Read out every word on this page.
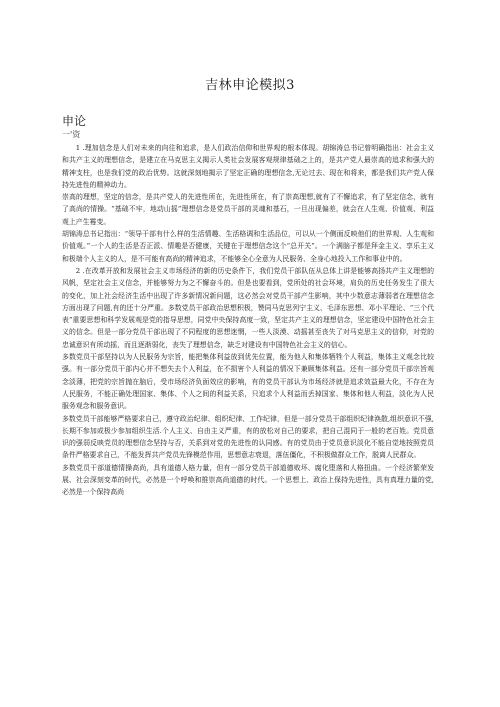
吉林申论模拟3
申论
一'资

1 .理加信念是人们对未来的向往和追求，是人们政治信仰和世界观的根本体现。胡锦涛总书记曾明确指出：社会主义和共产主义的理想信念，是建立在马克思主义揭示人类社会发展客观规律基础之上的，是共产党人最崇高的追求和强大的精神支柱，也是我们党的政治优势。这就深刻地揭示了坚定正确的理想信念,无论过去、现在和将来，都是我们共产党人保持先进性的精神动力。

崇高的理想，坚定的信念，是共产党人的先进性所在，先进性所在，有了崇高理想,就有了不懈追求，有了坚定信念，就有了高尚的情操。“基础不牢，地动山摇”理想信念是党员干部的灵魂和基石，一旦出现偏差，就会在人生观、价值观、利益观上产生霉变。

胡锦涛总书记指出：“领导干部有什么样的生活情趣、生活格调和生活品位，可以从一个侧面反映他们的世界观、人生观和价值观。”一个人的生活是否正派、情趣是否健康，关键在于理想信念这个“总开关”。一个满脑子都是拜金主义、享乐主义和极端个人主义的人，是不可能有高尚的精神追求，不能够全心全意为人民服务、全身心地投入工作和事业中的。

2 .在改革开放和发展社会主义市场经济的新的历史条件下，我们党员干部队伍从总体上讲是能够高扬共产主义理想的风帆，坚定社会主义信念，并能够努力为之不懈奋斗的。但是也要看到，党所处的社会环境，肩负的历史任务发生了很大的变化，加上社会经济生活中出现了许多新情况新问题，这必然会对党员干部产生影响，其中少数意志薄弱者在理想信念方面出现了问题,有的还十分严重。多数党员干部政治思想积极，赞同马克思列宁主义、毛泽东思想、邓小平理论、“三个代表”重要思想和科学发展观是党的指导思想，同党中央保持高度一致，坚定共产主义的理想信念，坚定建设中国特色社会主义的信念。但是一部分党员干部出现了不同程度的思想迷惘，一些人淡漠、动摇甚至丧失了对马克思主义的信仰，对党的忠诚意识有所动摇，而且逐渐弱化，丧失了理想信念，缺乏对建设有中国特色社会主义的信心。

多数党员干部坚持以为人民服务为宗旨，能把集体利益放到优先位置，能为他人和集体牺牲个人利益，集体主义观念比较强。有一部分党员干部内心并不想失去个人利益，在不损害个人利益的情况下兼顾集体利益。还有一部分党员干部宗旨观念淡薄，把党的宗旨抛在脑后，受市场经济负面效应的影响，有的党员干部认为市场经济就是追求效益最大化，不存在为人民服务，不能正确处理国家、集体、个人之间的利益关系，只追求个人利益而丢掉国家、集体和他人利益，淡化为人民服务观念和服务意识。

多数党员干部能够严格要求自己，遵守政治纪律、组织纪律、工作纪律，但是一部分党员干部组织纪律涣散,组织意识不强,长期不参加或极少参加组织生活.个人主义、自由主义严重，有的放松对自己的要求，把自己混同于一般的老百姓。党员意识的强弱反映党员的理想信念坚持与否，关系到对党的先进性的认同感。有的党员由于党员意识淡化不能自觉地按照党员条件严格要求自己，不能发挥共产党员先锋模范作用，思想意志衰退，落伍僵化，不积极做群众工作，脱离人民群众。

多数党员干部道德情操高尚，具有道德人格力量，但有一部分党员干部道德败坏、腐化堕落和人格扭曲。一个经济繁荣发展、社会深刻变革的时代，必然是一个呼唤和推崇高尚道德的时代。一个思想上、政治上保持先进性，具有真理力量的党,必然是一个保持高尚
